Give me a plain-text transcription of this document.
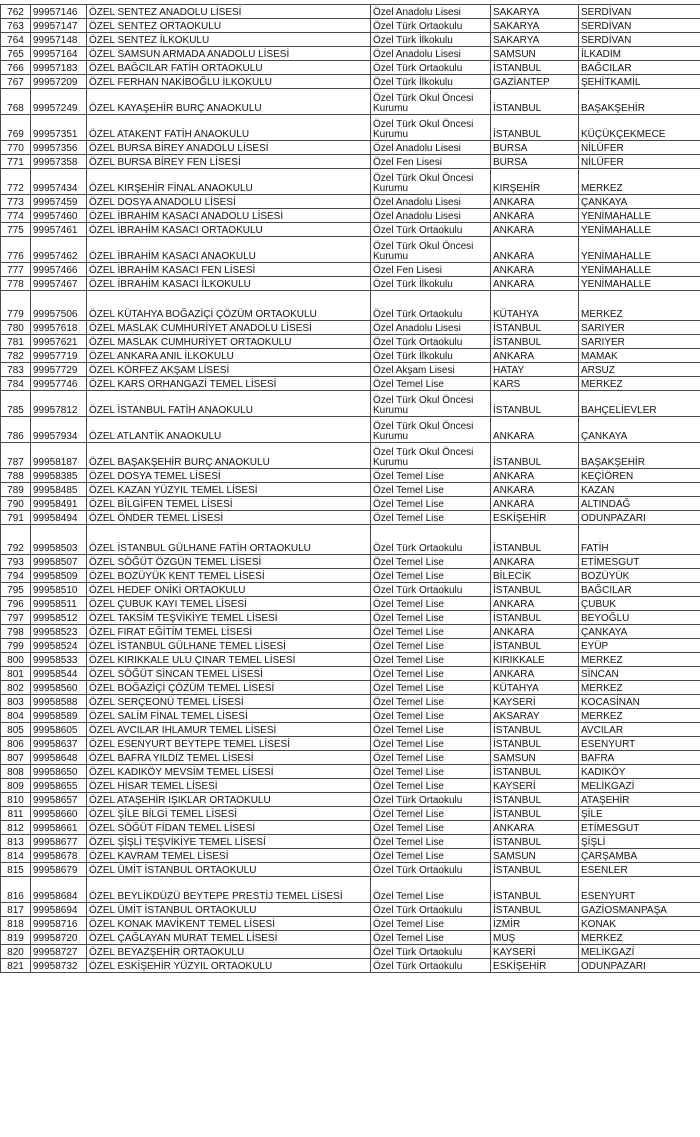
762	99957146	ÖZEL SENTEZ ANADOLU LİSESİ	Özel Anadolu Lisesi	SAKARYA	SERDİVAN
763	99957147	ÖZEL SENTEZ ORTAOKULU	Özel Türk Ortaokulu	SAKARYA	SERDİVAN
764	99957148	ÖZEL SENTEZ İLKOKULU	Özel Türk İlkokulu	SAKARYA	SERDİVAN
765	99957164	ÖZEL SAMSUN ARMADA ANADOLU LİSESİ	Özel Anadolu Lisesi	SAMSUN	İLKADIM
766	99957183	ÖZEL BAĞCILAR FATİH ORTAOKULU	Özel Türk Ortaokulu	İSTANBUL	BAĞCILAR
767	99957209	ÖZEL FERHAN NAKİBOĞLU İLKOKULU	Özel Türk İlkokulu	GAZİANTEP	ŞEHİTKAMİL
768	99957249	ÖZEL KAYAŞEHİR BURÇ ANAOKULU	Özel Türk Okul Öncesi Kurumu	İSTANBUL	BAŞAKŞEHİR
769	99957351	ÖZEL ATAKENT FATİH ANAOKULU	Özel Türk Okul Öncesi Kurumu	İSTANBUL	KÜÇÜKÇEKMECE
770	99957356	ÖZEL BURSA BİREY ANADOLU LİSESİ	Özel Anadolu Lisesi	BURSA	NİLÜFER
771	99957358	ÖZEL BURSA BİREY FEN LİSESİ	Özel Fen Lisesi	BURSA	NİLÜFER
772	99957434	ÖZEL KIRŞEHİR FİNAL ANAOKULU	Özel Türk Okul Öncesi Kurumu	KIRŞEHİR	MERKEZ
773	99957459	ÖZEL DOSYA ANADOLU LİSESİ	Özel Anadolu Lisesi	ANKARA	ÇANKAYA
774	99957460	ÖZEL İBRAHİM KASACI ANADOLU LİSESİ	Özel Anadolu Lisesi	ANKARA	YENİMAHALLE
775	99957461	ÖZEL İBRAHİM KASACI ORTAOKULU	Özel Türk Ortaokulu	ANKARA	YENİMAHALLE
776	99957462	ÖZEL İBRAHİM KASACI ANAOKULU	Özel Türk Okul Öncesi Kurumu	ANKARA	YENİMAHALLE
777	99957466	ÖZEL İBRAHİM KASACI FEN LİSESİ	Özel Fen Lisesi	ANKARA	YENİMAHALLE
778	99957467	ÖZEL İBRAHİM KASACI İLKOKULU	Özel Türk İlkokulu	ANKARA	YENİMAHALLE
779	99957506	ÖZEL KÜTAHYA BOĞAZİÇİ ÇÖZÜM ORTAOKULU	Özel Türk Ortaokulu	KÜTAHYA	MERKEZ
780	99957618	ÖZEL MASLAK CUMHURİYET ANADOLU LİSESİ	Özel Anadolu Lisesi	İSTANBUL	SARIYER
781	99957621	ÖZEL MASLAK CUMHURİYET ORTAOKULU	Özel Türk Ortaokulu	İSTANBUL	SARIYER
782	99957719	ÖZEL ANKARA ANIL İLKOKULU	Özel Türk İlkokulu	ANKARA	MAMAK
783	99957729	ÖZEL KÖRFEZ AKŞAM LİSESİ	Özel Akşam Lisesi	HATAY	ARSUZ
784	99957746	ÖZEL KARS ORHANGAZİ TEMEL LİSESİ	Özel Temel Lise	KARS	MERKEZ
785	99957812	ÖZEL İSTANBUL FATİH ANAOKULU	Özel Türk Okul Öncesi Kurumu	İSTANBUL	BAHÇELİEVLER
786	99957934	ÖZEL ATLANTİK ANAOKULU	Özel Türk Okul Öncesi Kurumu	ANKARA	ÇANKAYA
787	99958187	ÖZEL BAŞAKŞEHİR BURÇ ANAOKULU	Özel Türk Okul Öncesi Kurumu	İSTANBUL	BAŞAKŞEHİR
788	99958385	ÖZEL DOSYA TEMEL LİSESİ	Özel Temel Lise	ANKARA	KEÇİÖREN
789	99958485	ÖZEL KAZAN YÜZYIL TEMEL LİSESİ	Özel Temel Lise	ANKARA	KAZAN
790	99958491	ÖZEL BİLGİFEN TEMEL LİSESİ	Özel Temel Lise	ANKARA	ALTINDAĞ
791	99958494	ÖZEL ÖNDER TEMEL LİSESİ	Özel Temel Lise	ESKİŞEHİR	ODUNPAZARI
792	99958503	ÖZEL İSTANBUL GÜLHANE FATİH ORTAOKULU	Özel Türk Ortaokulu	İSTANBUL	FATİH
793	99958507	ÖZEL SÖĞÜT ÖZGÜN TEMEL LİSESİ	Özel Temel Lise	ANKARA	ETİMESGUT
794	99958509	ÖZEL BOZÜYÜK KENT TEMEL LİSESİ	Özel Temel Lise	BİLECİK	BOZÜYÜK
795	99958510	ÖZEL HEDEF ONİKİ ORTAOKULU	Özel Türk Ortaokulu	İSTANBUL	BAĞCILAR
796	99958511	ÖZEL ÇUBUK KAYI TEMEL LİSESİ	Özel Temel Lise	ANKARA	ÇUBUK
797	99958512	ÖZEL TAKSİM TEŞVİKİYE TEMEL LİSESİ	Özel Temel Lise	İSTANBUL	BEYOĞLU
798	99958523	ÖZEL FIRAT EĞİTİM TEMEL LİSESİ	Özel Temel Lise	ANKARA	ÇANKAYA
799	99958524	ÖZEL İSTANBUL GÜLHANE TEMEL LİSESİ	Özel Temel Lise	İSTANBUL	EYÜP
800	99958533	ÖZEL KIRIKKALE ULU ÇINAR TEMEL LİSESİ	Özel Temel Lise	KIRIKKALE	MERKEZ
801	99958544	ÖZEL SÖĞÜT SİNCAN TEMEL LİSESİ	Özel Temel Lise	ANKARA	SİNCAN
802	99958560	ÖZEL BOĞAZİÇİ ÇÖZÜM TEMEL LİSESİ	Özel Temel Lise	KÜTAHYA	MERKEZ
803	99958588	ÖZEL SERÇEONÜ TEMEL LİSESİ	Özel Temel Lise	KAYSERİ	KOCASİNAN
804	99958589	ÖZEL SALİM FİNAL TEMEL LİSESİ	Özel Temel Lise	AKSARAY	MERKEZ
805	99958605	ÖZEL AVCILAR IHLAMUR TEMEL LİSESİ	Özel Temel Lise	İSTANBUL	AVCILAR
806	99958637	ÖZEL ESENYURT BEYTEPE TEMEL LİSESİ	Özel Temel Lise	İSTANBUL	ESENYURT
807	99958648	ÖZEL BAFRA YILDIZ TEMEL LİSESİ	Özel Temel Lise	SAMSUN	BAFRA
808	99958650	ÖZEL KADIKÖY MEVSİM TEMEL LİSESİ	Özel Temel Lise	İSTANBUL	KADIKÖY
809	99958655	ÖZEL HİSAR TEMEL LİSESİ	Özel Temel Lise	KAYSERİ	MELİKGAZİ
810	99958657	ÖZEL ATAŞEHİR IŞIKLAR ORTAOKULU	Özel Türk Ortaokulu	İSTANBUL	ATAŞEHİR
811	99958660	ÖZEL ŞİLE BİLGİ TEMEL LİSESİ	Özel Temel Lise	İSTANBUL	ŞİLE
812	99958661	ÖZEL SÖĞÜT FİDAN TEMEL LİSESİ	Özel Temel Lise	ANKARA	ETİMESGUT
813	99958677	ÖZEL ŞİŞLİ TEŞVİKİYE TEMEL LİSESİ	Özel Temel Lise	İSTANBUL	ŞİŞLİ
814	99958678	ÖZEL KAVRAM TEMEL LİSESİ	Özel Temel Lise	SAMSUN	ÇARŞAMBA
815	99958679	ÖZEL ÜMİT İSTANBUL ORTAOKULU	Özel Türk Ortaokulu	İSTANBUL	ESENLER
816	99958684	ÖZEL BEYLİKDÜZÜ BEYTEPE PRESTİJ TEMEL LİSESİ	Özel Temel Lise	İSTANBUL	ESENYURT
817	99958694	ÖZEL ÜMİT İSTANBUL ORTAOKULU	Özel Türk Ortaokulu	İSTANBUL	GAZİOSMANPAŞA
818	99958716	ÖZEL KONAK MAVİKENT TEMEL LİSESİ	Özel Temel Lise	İZMİR	KONAK
819	99958720	ÖZEL ÇAĞLAYAN MURAT TEMEL LİSESİ	Özel Temel Lise	MUŞ	MERKEZ
820	99958727	ÖZEL BEYAZŞEHİR ORTAOKULU	Özel Türk Ortaokulu	KAYSERİ	MELİKGAZİ
821	99958732	ÖZEL ESKİŞEHİR YÜZYIL ORTAOKULU	Özel Türk Ortaokulu	ESKİŞEHİR	ODUNPAZARI
